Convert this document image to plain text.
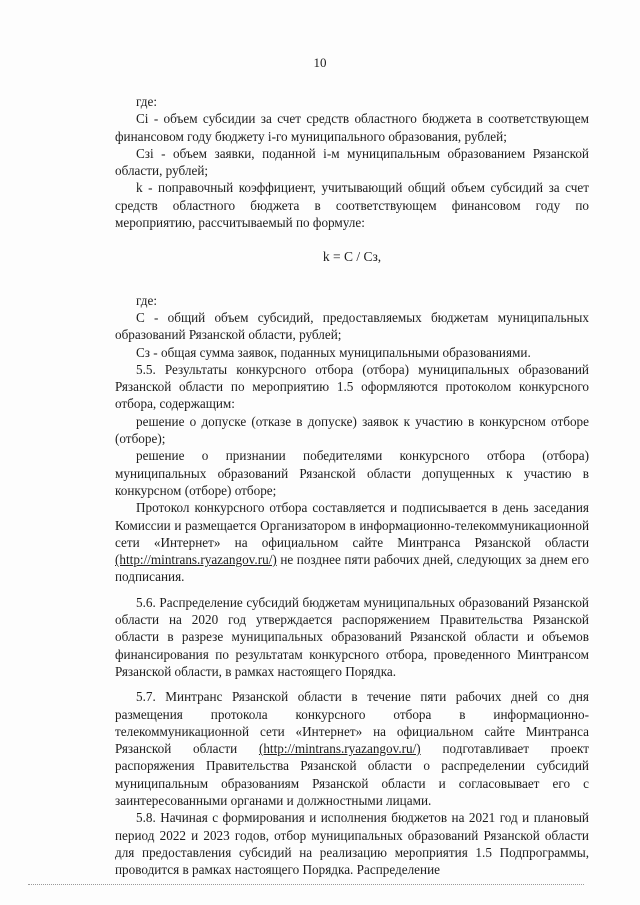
10

где:

Ci - объем субсидии за счет средств областного бюджета в соответствующем финансовом году бюджету i-го муниципального образования, рублей;

Cзi - объем заявки, поданной i-м муниципальным образованием Рязанской области, рублей;

k - поправочный коэффициент, учитывающий общий объем субсидий за счет средств областного бюджета в соответствующем финансовом году по мероприятию, рассчитываемый по формуле:

k = C / Cз,

где:

C - общий объем субсидий, предоставляемых бюджетам муниципальных образований Рязанской области, рублей;

Cз - общая сумма заявок, поданных муниципальными образованиями.

5.5. Результаты конкурсного отбора (отбора) муниципальных образований Рязанской области по мероприятию 1.5 оформляются протоколом конкурсного отбора, содержащим:

решение о допуске (отказе в допуске) заявок к участию в конкурсном отборе (отборе);

решение о признании победителями конкурсного отбора (отбора) муниципальных образований Рязанской области допущенных к участию в конкурсном (отборе) отборе;

Протокол конкурсного отбора составляется и подписывается в день заседания Комиссии и размещается Организатором в информационно-телекоммуникационной сети «Интернет» на официальном сайте Минтранса Рязанской области (http://mintrans.ryazangov.ru/) не позднее пяти рабочих дней, следующих за днем его подписания.

5.6. Распределение субсидий бюджетам муниципальных образований Рязанской области на 2020 год утверждается распоряжением Правительства Рязанской области в разрезе муниципальных образований Рязанской области и объемов финансирования по результатам конкурсного отбора, проведенного Минтрансом Рязанской области, в рамках настоящего Порядка.

5.7. Минтранс Рязанской области в течение пяти рабочих дней со дня размещения протокола конкурсного отбора в информационно-телекоммуникационной сети «Интернет» на официальном сайте Минтранса Рязанской области (http://mintrans.ryazangov.ru/) подготавливает проект распоряжения Правительства Рязанской области о распределении субсидий муниципальным образованиям Рязанской области и согласовывает его с заинтересованными органами и должностными лицами.

5.8. Начиная с формирования и исполнения бюджетов на 2021 год и плановый период 2022 и 2023 годов, отбор муниципальных образований Рязанской области для предоставления субсидий на реализацию мероприятия 1.5 Подпрограммы, проводится в рамках настоящего Порядка. Распределение
